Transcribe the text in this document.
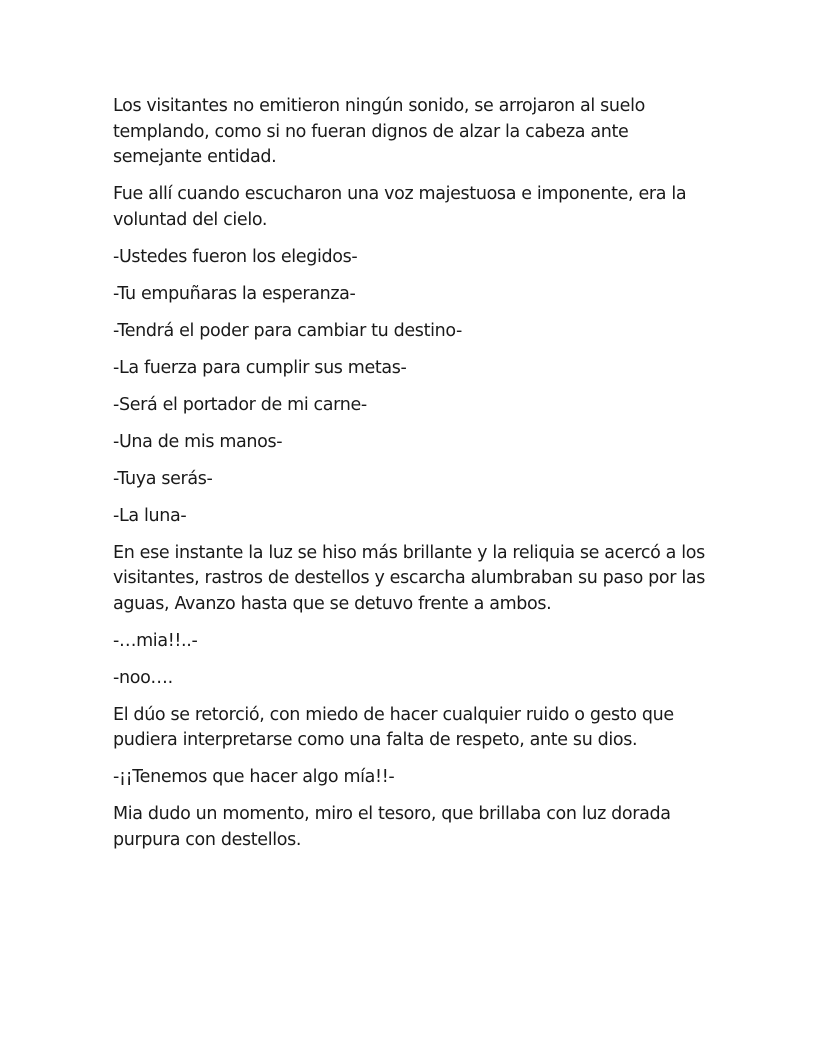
Los visitantes no emitieron ningún sonido, se arrojaron al suelo templando, como si no fueran dignos de alzar la cabeza ante semejante entidad.

Fue allí cuando escucharon una voz majestuosa e imponente, era la voluntad del cielo.

-Ustedes fueron los elegidos-

-Tu empuñaras la esperanza-

-Tendrá el poder para cambiar tu destino-

-La fuerza para cumplir sus metas-

-Será el portador de mi carne-

-Una de mis manos-

-Tuya serás-

-La luna-

En ese instante la luz se hiso más brillante y la reliquia se acercó a los visitantes, rastros de destellos y escarcha alumbraban su paso por las aguas, Avanzo hasta que se detuvo frente a ambos.

-…mia!!..-

-noo….

El dúo se retorció, con miedo de hacer cualquier ruido o gesto que pudiera interpretarse como una falta de respeto, ante su dios.

-¡¡Tenemos que hacer algo mía!!-

Mia dudo un momento, miro el tesoro, que brillaba con luz dorada purpura con destellos.
